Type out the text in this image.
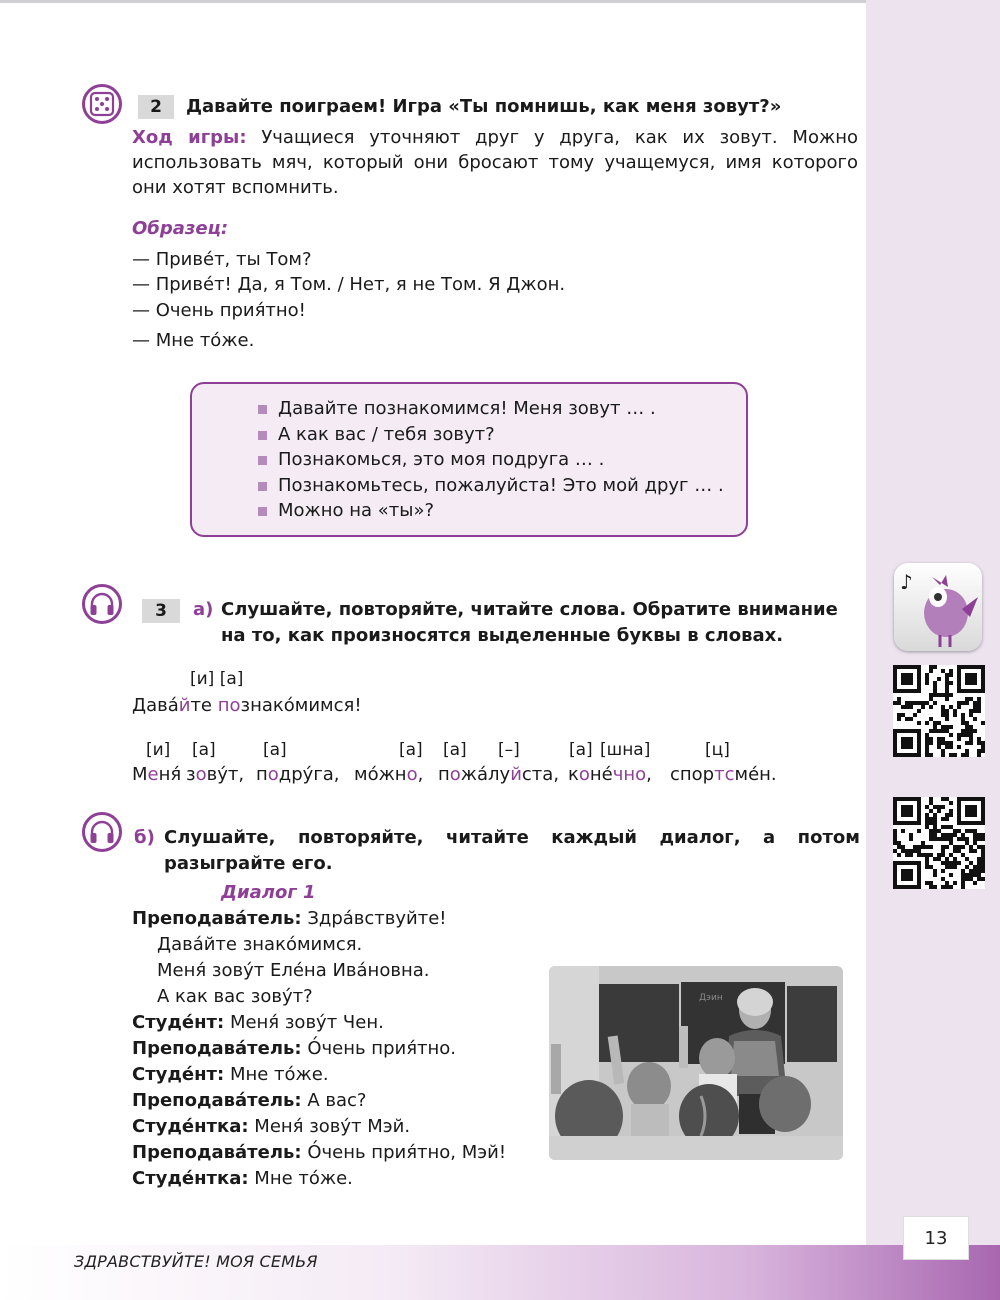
ЗДРАВСТВУЙТЕ! МОЯ СЕМЬЯ
13
2	Давайте поиграем! Игра «Ты помнишь, как меня зовут?»
Ход игры: Учащиеся уточняют друг у друга, как их зовут. Можно использовать мяч, который они бросают тому учащемуся, имя которого они хотят вспомнить.
Образец:
— Приве́т, ты Том?
— Приве́т! Да, я Том. / Нет, я не Том. Я Джон.
— Очень прия́тно!
— Мне то́же.
Давайте познакомимся! Меня зовут … .
А как вас / тебя зовут?
Познакомься, это моя подруга … .
Познакомьтесь, пожалуйста! Это мой друг … .
Можно на «ты»?
3	а) Слушайте, повторяйте, читайте слова. Обратите внимание на то, как произносятся выделенные буквы в словах.
[и] [а]
Дава́йте познако́мимся!
[и] [а]	[а]	[а] [а] [–]	[а] [шна]	[ц]
Меня́ зову́т, подру́га, мо́жно, пожа́луйста, коне́чно, спортсме́н.
б) Слушайте, повторяйте, читайте каждый диалог, а потом разыграйте его.
Диалог 1
Преподава́тель: Здра́вствуйте!
Дава́йте знако́мимся.
Меня́ зову́т Еле́на Ива́новна.
А как вас зову́т?
Студе́нт: Меня́ зову́т Чен.
Преподава́тель: О́чень прия́тно.
Студе́нт: Мне то́же.
Преподава́тель: А вас?
Студе́нтка: Меня́ зову́т Мэй.
Преподава́тель: О́чень прия́тно, Мэй!
Студе́нтка: Мне то́же.
Дэин
♪
